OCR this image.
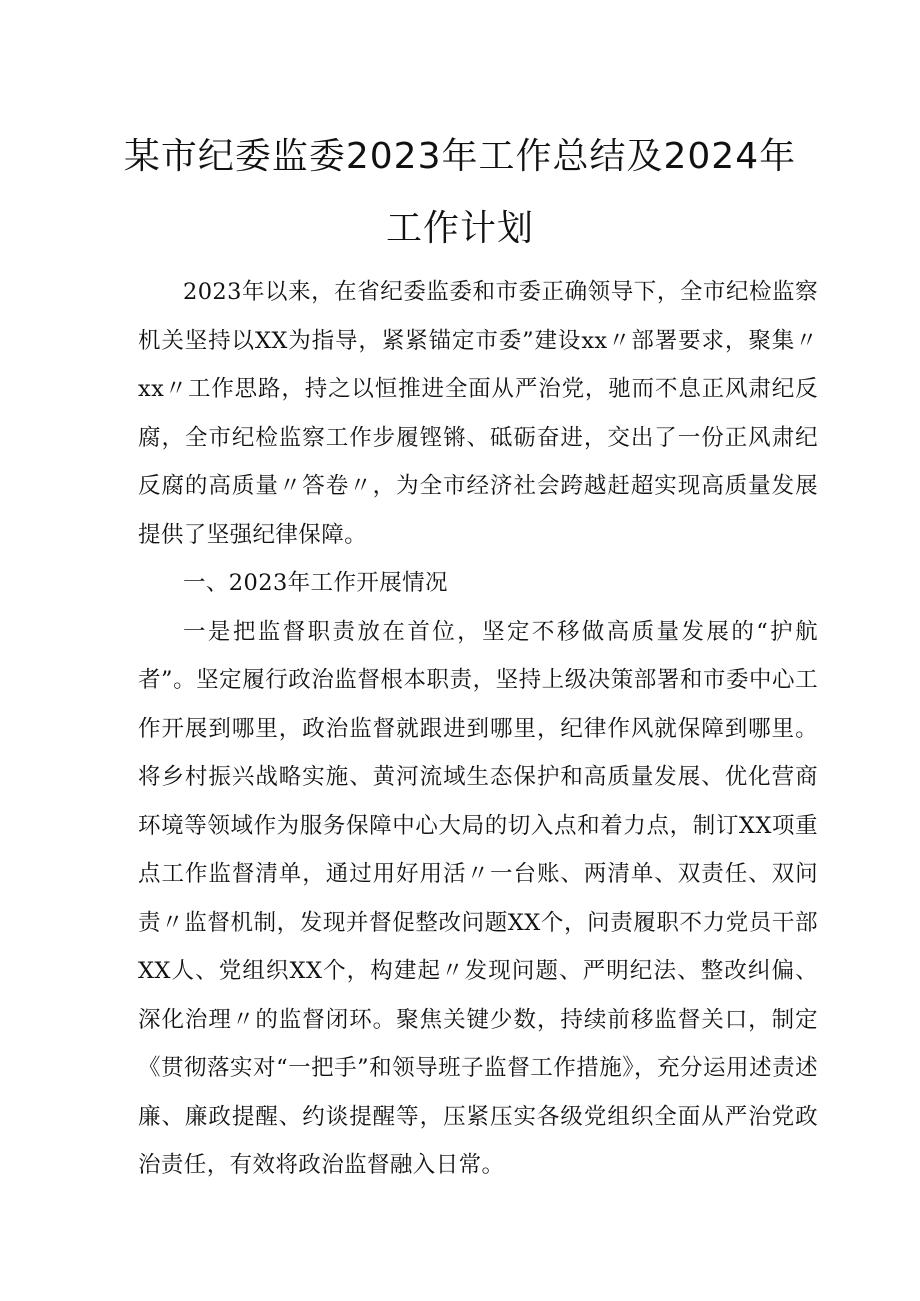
某市纪委监委2023年工作总结及2024年
工作计划

2023年以来，在省纪委监委和市委正确领导下，全市纪检监察机关坚持以XX为指导，紧紧锚定市委”建设xx〃部署要求，聚集〃xx〃工作思路，持之以恒推进全面从严治党，驰而不息正风肃纪反腐，全市纪检监察工作步履铿锵、砥砺奋进，交出了一份正风肃纪反腐的高质量〃答卷〃，为全市经济社会跨越赶超实现高质量发展提供了坚强纪律保障。

一、2023年工作开展情况

一是把监督职责放在首位，坚定不移做高质量发展的“护航者”。坚定履行政治监督根本职责，坚持上级决策部署和市委中心工作开展到哪里，政治监督就跟进到哪里，纪律作风就保障到哪里。将乡村振兴战略实施、黄河流域生态保护和高质量发展、优化营商环境等领域作为服务保障中心大局的切入点和着力点，制订XX项重点工作监督清单，通过用好用活〃一台账、两清单、双责任、双问责〃监督机制，发现并督促整改问题XX个，问责履职不力党员干部XX人、党组织XX个，构建起〃发现问题、严明纪法、整改纠偏、深化治理〃的监督闭环。聚焦关键少数，持续前移监督关口，制定《贯彻落实对“一把手”和领导班子监督工作措施》，充分运用述责述廉、廉政提醒、约谈提醒等，压紧压实各级党组织全面从严治党政治责任，有效将政治监督融入日常。
